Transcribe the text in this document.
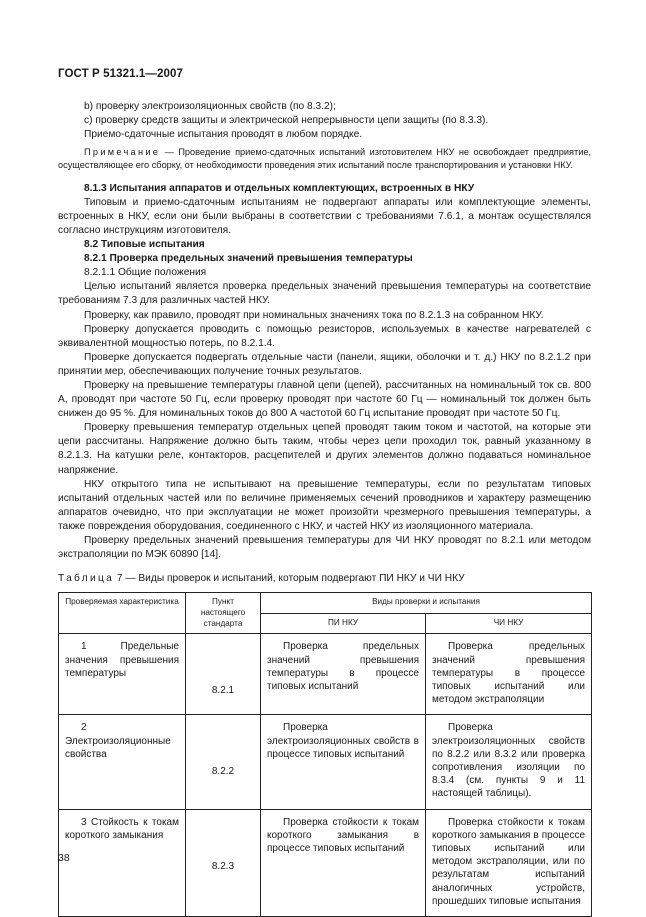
ГОСТ Р 51321.1—2007

b) проверку электроизоляционных свойств (по 8.3.2);

c) проверку средств защиты и электрической непрерывности цепи защиты (по 8.3.3).

Приемо-сдаточные испытания проводят в любом порядке.

Примечание — Проведение приемо-сдаточных испытаний изготовителем НКУ не освобождает предприятие, осуществляющее его сборку, от необходимости проведения этих испытаний после транспортирования и установки НКУ.

8.1.3 Испытания аппаратов и отдельных комплектующих, встроенных в НКУ

Типовым и приемо-сдаточным испытаниям не подвергают аппараты или комплектующие элементы, встроенных в НКУ, если они были выбраны в соответствии с требованиями 7.6.1, а монтаж осуществлялся согласно инструкциям изготовителя.

8.2 Типовые испытания

8.2.1 Проверка предельных значений превышения температуры

8.2.1.1 Общие положения

Целью испытаний является проверка предельных значений превышения температуры на соответствие требованиям 7.3 для различных частей НКУ.

Проверку, как правило, проводят при номинальных значениях тока по 8.2.1.3 на собранном НКУ.

Проверку допускается проводить с помощью резисторов, используемых в качестве нагревателей с эквивалентной мощностью потерь, по 8.2.1.4.

Проверке допускается подвергать отдельные части (панели, ящики, оболочки и т. д.) НКУ по 8.2.1.2 при принятии мер, обеспечивающих получение точных результатов.

Проверку на превышение температуры главной цепи (цепей), рассчитанных на номинальный ток св. 800 А, проводят при частоте 50 Гц, если проверку проводят при частоте 60 Гц — номинальный ток должен быть снижен до 95 %. Для номинальных токов до 800 А частотой 60 Гц испытание проводят при частоте 50 Гц.

Проверку превышения температур отдельных цепей проводят таким током и частотой, на которые эти цепи рассчитаны. Напряжение должно быть таким, чтобы через цепи проходил ток, равный указанному в 8.2.1.3. На катушки реле, контакторов, расцепителей и других элементов должно подаваться номинальное напряжение.

НКУ открытого типа не испытывают на превышение температуры, если по результатам типовых испытаний отдельных частей или по величине применяемых сечений проводников и характеру размещению аппаратов очевидно, что при эксплуатации не может произойти чрезмерного превышения температуры, а также повреждения оборудования, соединенного с НКУ, и частей НКУ из изоляционного материала.

Проверку предельных значений превышения температуры для ЧИ НКУ проводят по 8.2.1 или методом экстраполяции по МЭК 60890 [14].

Таблица 7 — Виды проверок и испытаний, которым подвергают ПИ НКУ и ЧИ НКУ

Проверяемая характеристика	Пункт настоящего стандарта	Виды проверки и испытания	
		ПИ НКУ	ЧИ НКУ

1 Предельные значения превышения температуры	8.2.1	Проверка предельных значений превышения температуры в процессе типовых испытаний	Проверка предельных значений превышения температуры в процессе типовых испытаний или методом экстраполяции

2 Электроизоляционные свойства	8.2.2	Проверка электроизоляционных свойств в процессе типовых испытаний	Проверка электроизоляционных свойств по 8.2.2 или 8.3.2 или проверка сопротивления изоляции по 8.3.4 (см. пункты 9 и 11 настоящей таблицы).

3 Стойкость к токам короткого замыкания	8.2.3	Проверка стойкости к токам короткого замыкания в процессе типовых испытаний	Проверка стойкости к токам короткого замыкания в процессе типовых испытаний или методом экстраполяции, или по результатам испытаний аналогичных устройств, прошедших типовые испытания
38
